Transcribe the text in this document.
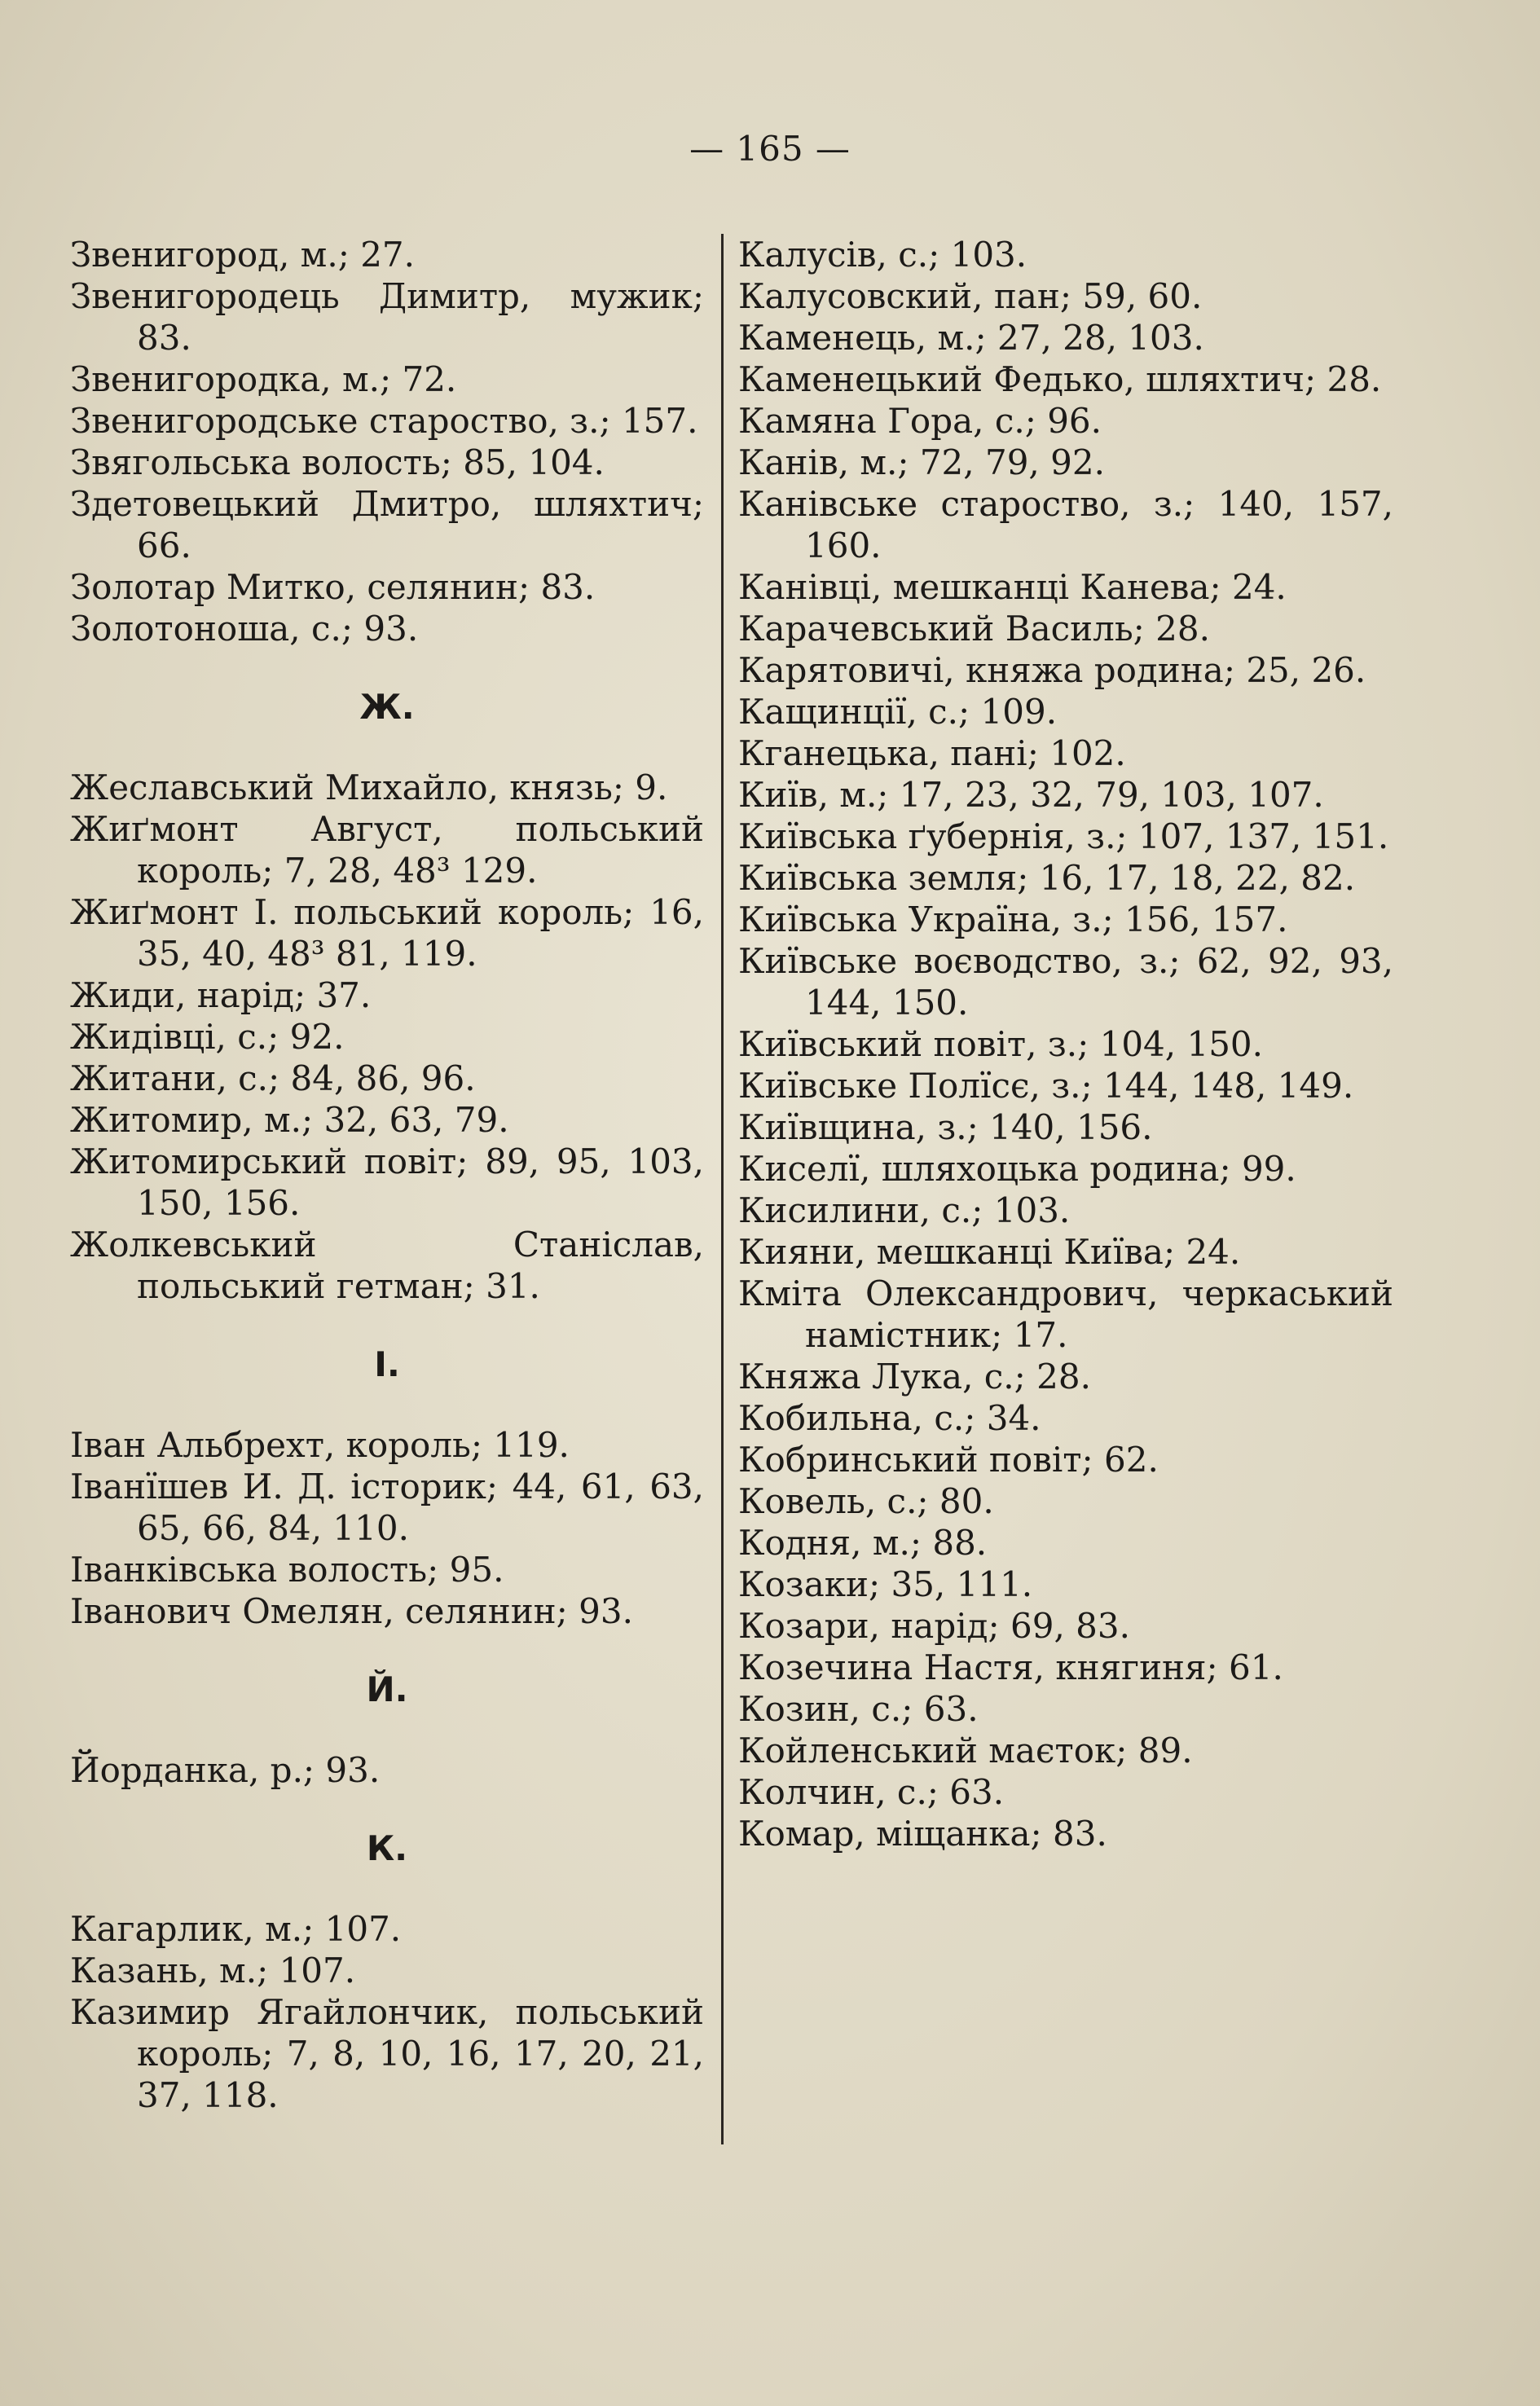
— 165 —

Звенигород, м.; 27.

Звенигородець Димитр, мужик; 83.

Звенигородка, м.; 72.

Звенигородське староство, з.; 157.

Звягольська волость; 85, 104.

Здетовецький Дмитро, шляхтич; 66.

Золотар Митко, селянин; 83.

Золотоноша, с.; 93.

Ж.

Жеславський Михайло, князь; 9.

Жиґмонт Август, польський король; 7, 28, 48³ 129.

Жиґмонт I. польський король; 16, 35, 40, 48³ 81, 119.

Жиди, нарід; 37.

Жидівці, с.; 92.

Житани, с.; 84, 86, 96.

Житомир, м.; 32, 63, 79.

Житомирський повіт; 89, 95, 103, 150, 156.

Жолкевський Станіслав, польський гетман; 31.

I.

Іван Альбрехт, король; 119.

Іванїшев И. Д. історик; 44, 61, 63, 65, 66, 84, 110.

Іванківська волость; 95.

Іванович Омелян, селянин; 93.

Й.

Йорданка, р.; 93.

К.

Кагарлик, м.; 107.

Казань, м.; 107.

Казимир Ягайлончик, польський король; 7, 8, 10, 16, 17, 20, 21, 37, 118.

Калусів, с.; 103.

Калусовский, пан; 59, 60.

Каменець, м.; 27, 28, 103.

Каменецький Федько, шляхтич; 28.

Камяна Гора, с.; 96.

Канів, м.; 72, 79, 92.

Канівське староство, з.; 140, 157, 160.

Канівці, мешканці Канева; 24.

Карачевський Василь; 28.

Карятовичі, княжа родина; 25, 26.

Кащинції, с.; 109.

Кганецька, пані; 102.

Київ, м.; 17, 23, 32, 79, 103, 107.

Київська ґубернія, з.; 107, 137, 151.

Київська земля; 16, 17, 18, 22, 82.

Київська Україна, з.; 156, 157.

Київське воєводство, з.; 62, 92, 93, 144, 150.

Київський повіт, з.; 104, 150.

Київське Полїсє, з.; 144, 148, 149.

Київщина, з.; 140, 156.

Киселї, шляхоцька родина; 99.

Кисилини, с.; 103.

Кияни, мешканці Київа; 24.

Кміта Олександрович, черкаський намістник; 17.

Княжа Лука, с.; 28.

Кобильна, с.; 34.

Кобринський повіт; 62.

Ковель, с.; 80.

Кодня, м.; 88.

Козаки; 35, 111.

Козари, нарід; 69, 83.

Козечина Настя, княгиня; 61.

Козин, с.; 63.

Койленський маєток; 89.

Колчин, с.; 63.

Комар, міщанка; 83.
